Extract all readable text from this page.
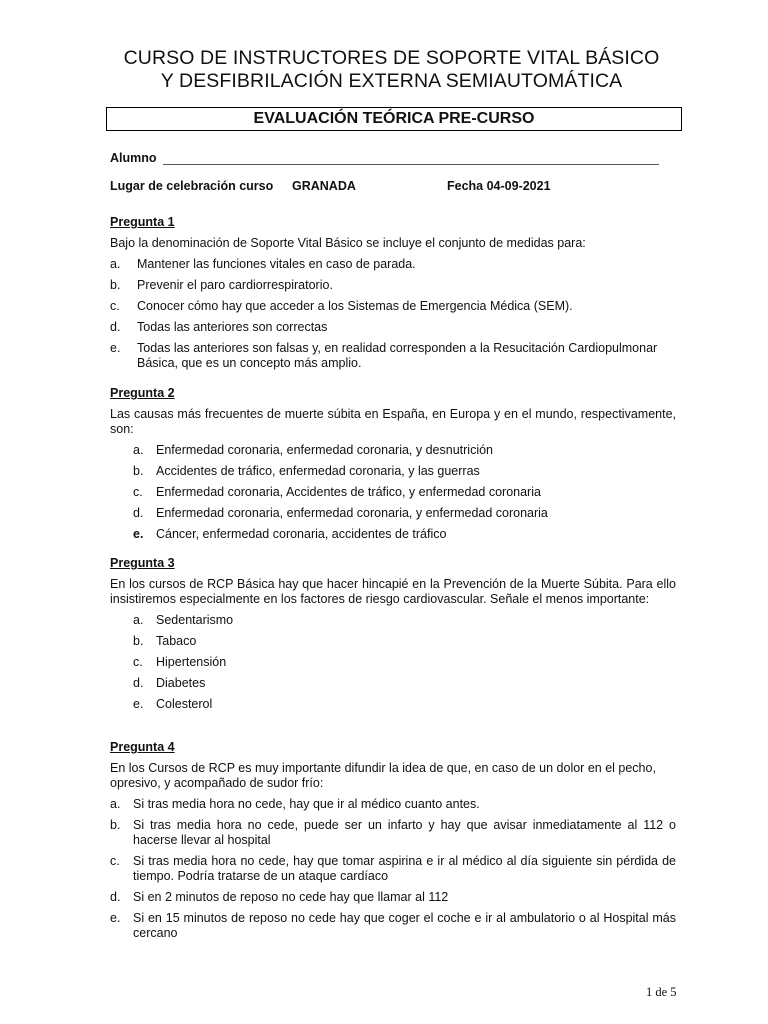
CURSO DE INSTRUCTORES DE SOPORTE VITAL BÁSICO
Y DESFIBRILACIÓN EXTERNA SEMIAUTOMÁTICA
EVALUACIÓN TEÓRICA PRE-CURSO
Alumno
Lugar de celebración curso GRANADA	Fecha 04-09-2021
Pregunta 1
Bajo la denominación de Soporte Vital Básico se incluye el conjunto de medidas para:
a. Mantener las funciones vitales en caso de parada.
b. Prevenir el paro cardiorrespiratorio.
c. Conocer cómo hay que acceder a los Sistemas de Emergencia Médica (SEM).
d. Todas las anteriores son correctas
e. Todas las anteriores son falsas y, en realidad corresponden a la Resucitación Cardiopulmonar Básica, que es un concepto más amplio.
Pregunta 2
Las causas más frecuentes de muerte súbita en España, en Europa y en el mundo, respectivamente, son:
a. Enfermedad coronaria, enfermedad coronaria, y desnutrición
b. Accidentes de tráfico, enfermedad coronaria, y las guerras
c. Enfermedad coronaria, Accidentes de tráfico, y enfermedad coronaria
d. Enfermedad coronaria, enfermedad coronaria, y enfermedad coronaria
e. Cáncer, enfermedad coronaria, accidentes de tráfico
Pregunta 3
En los cursos de RCP Básica hay que hacer hincapié en la Prevención de la Muerte Súbita. Para ello insistiremos especialmente en los factores de riesgo cardiovascular. Señale el menos importante:
a. Sedentarismo
b. Tabaco
c. Hipertensión
d. Diabetes
e. Colesterol
Pregunta 4
En los Cursos de RCP es muy importante difundir la idea de que, en caso de un dolor en el pecho, opresivo, y acompañado de sudor frío:
a. Si tras media hora no cede, hay que ir al médico cuanto antes.
b. Si tras media hora no cede, puede ser un infarto y hay que avisar inmediatamente al 112 o hacerse llevar al hospital
c. Si tras media hora no cede, hay que tomar aspirina e ir al médico al día siguiente sin pérdida de tiempo. Podría tratarse de un ataque cardíaco
d. Si en 2 minutos de reposo no cede hay que llamar al 112
e. Si en 15 minutos de reposo no cede hay que coger el coche e ir al ambulatorio o al Hospital más cercano
1 de 5
